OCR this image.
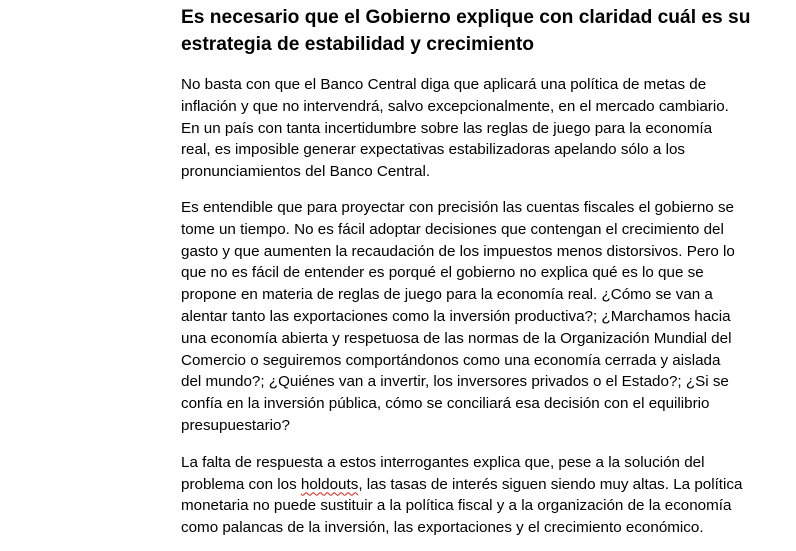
Es necesario que el Gobierno explique con claridad cuál es su
estrategia de estabilidad y crecimiento

No basta con que el Banco Central diga que aplicará una política de metas de
inflación y que no intervendrá, salvo excepcionalmente, en el mercado cambiario.
En un país con tanta incertidumbre sobre las reglas de juego para la economía
real, es imposible generar expectativas estabilizadoras apelando sólo a los
pronunciamientos del Banco Central.

Es entendible que para proyectar con precisión las cuentas fiscales el gobierno se
tome un tiempo. No es fácil adoptar decisiones que contengan el crecimiento del
gasto y que aumenten la recaudación de los impuestos menos distorsivos. Pero lo
que no es fácil de entender es porqué el gobierno no explica qué es lo que se
propone en materia de reglas de juego para la economía real. ¿Cómo se van a
alentar tanto las exportaciones como la inversión productiva?; ¿Marchamos hacia
una economía abierta y respetuosa de las normas de la Organización Mundial del
Comercio o seguiremos comportándonos como una economía cerrada y aislada
del mundo?; ¿Quiénes van a invertir, los inversores privados o el Estado?; ¿Si se
confía en la inversión pública, cómo se conciliará esa decisión con el equilibrio
presupuestario?

La falta de respuesta a estos interrogantes explica que, pese a la solución del
problema con los holdouts, las tasas de interés siguen siendo muy altas. La política
monetaria no puede sustituir a la política fiscal y a la organización de la economía
como palancas de la inversión, las exportaciones y el crecimiento económico.
